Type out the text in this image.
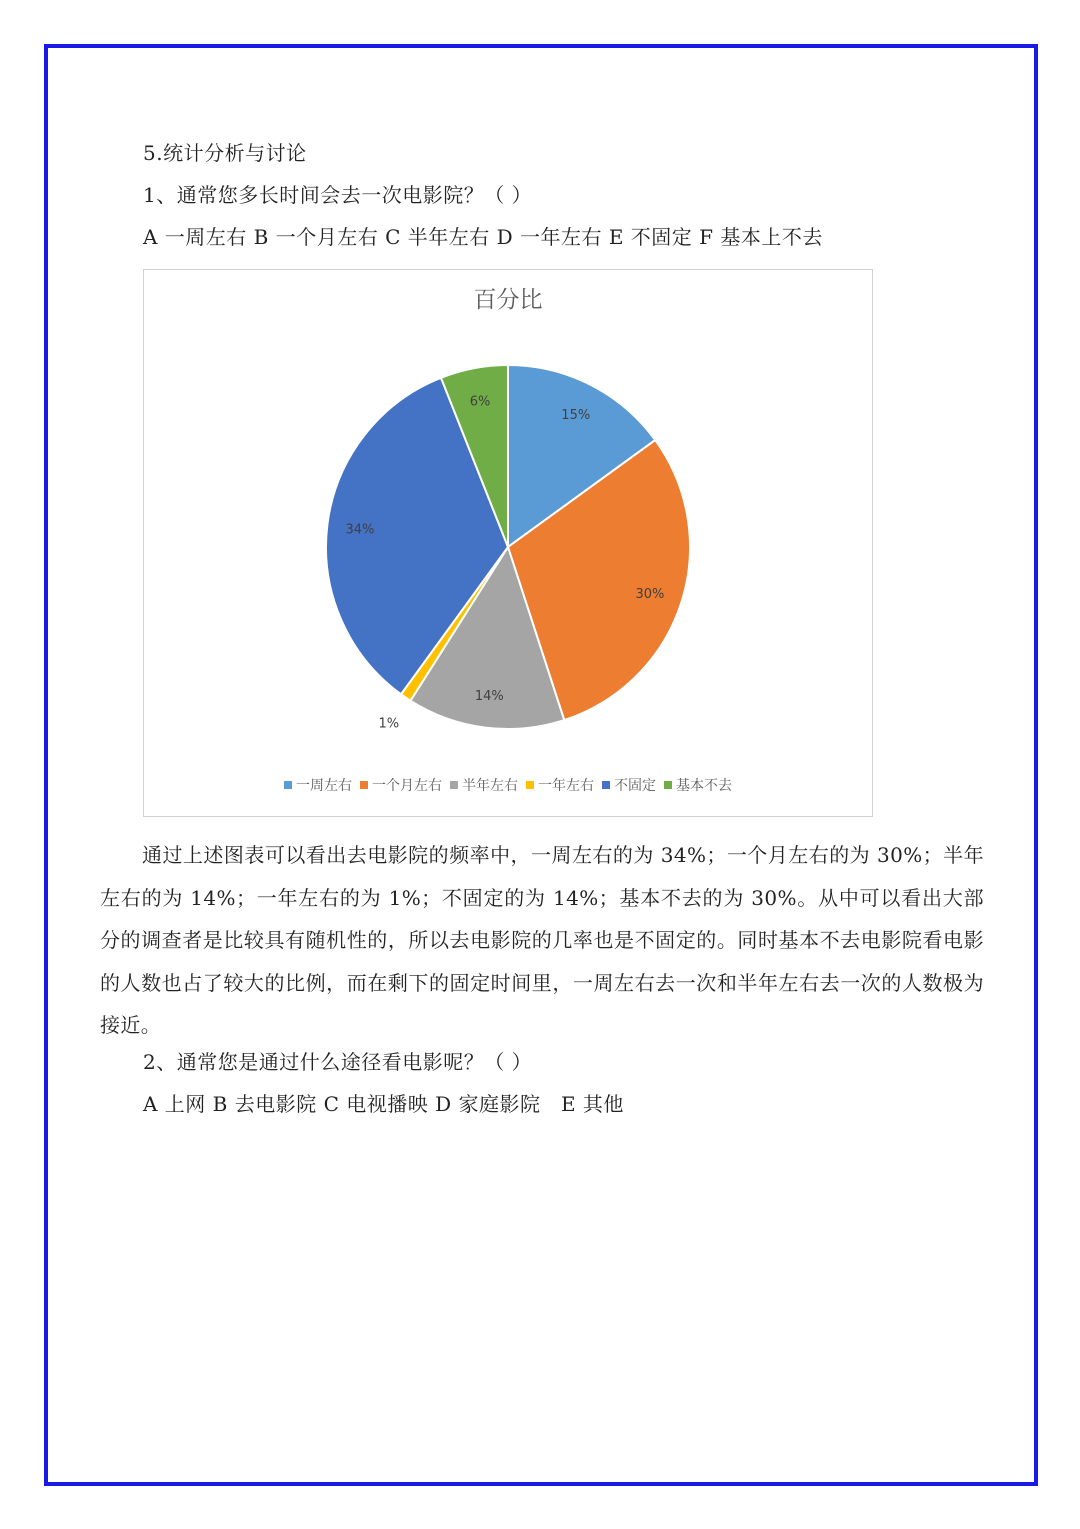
5.统计分析与讨论
1、通常您多长时间会去一次电影院？（ ）
A 一周左右 B 一个月左右 C 半年左右 D 一年左右 E 不固定 F 基本上不去
百分比
15%
30%
14%
1%
34%
6%
一周左右 一个月左右 半年左右 一年左右 不固定 基本不去
通过上述图表可以看出去电影院的频率中，一周左右的为 34%；一个月左右的为 30%；半年左右的为 14%；一年左右的为 1%；不固定的为 14%；基本不去的为 30%。从中可以看出大部分的调查者是比较具有随机性的，所以去电影院的几率也是不固定的。同时基本不去电影院看电影的人数也占了较大的比例，而在剩下的固定时间里，一周左右去一次和半年左右去一次的人数极为接近。
2、通常您是通过什么途径看电影呢？（ ）
A 上网 B 去电影院 C 电视播映 D 家庭影院　E 其他
